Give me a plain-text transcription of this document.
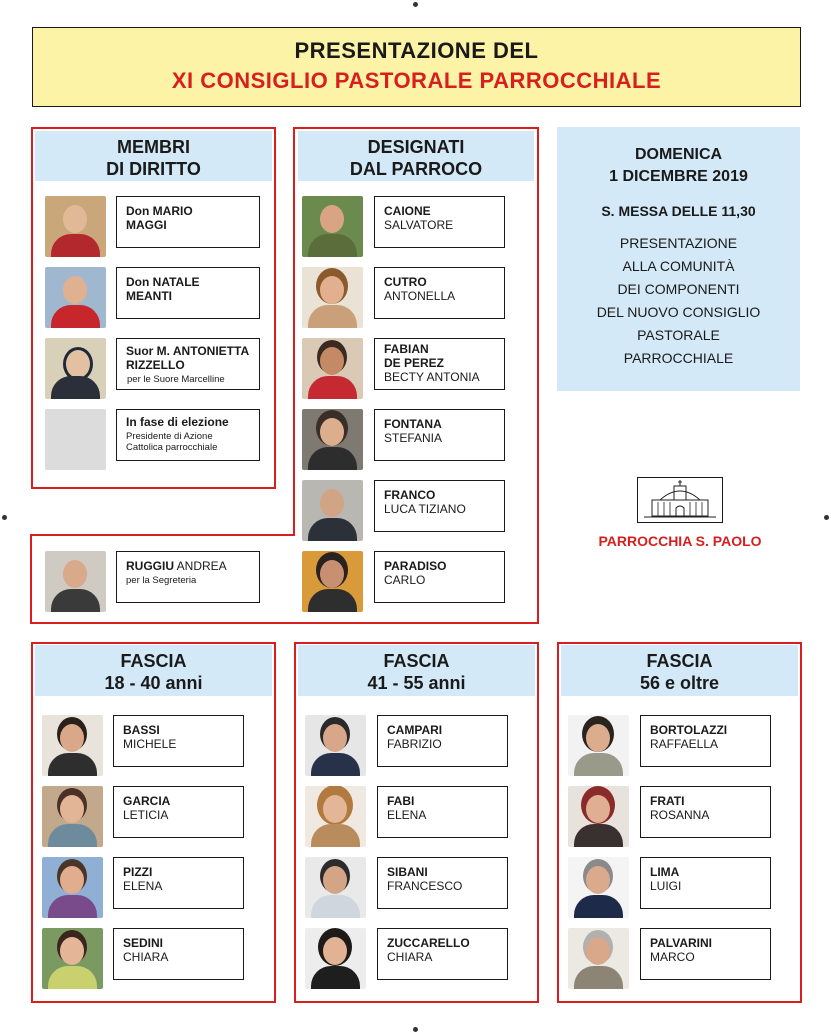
PRESENTAZIONE DEL
XI CONSIGLIO PASTORALE PARROCCHIALE
MEMBRI
DI DIRITTO
Don MARIO
MAGGI
Don NATALE
MEANTI
Suor M. ANTONIETTA
RIZZELLO
per le Suore Marcelline
In fase di elezione
Presidente di Azione
Cattolica parrocchiale
DESIGNATI
DAL PARROCO
CAIONE
SALVATORE
CUTRO
ANTONELLA
FABIAN
DE PEREZ
BECTY ANTONIA
FONTANA
STEFANIA
FRANCO
LUCA TIZIANO
PARADISO
CARLO
RUGGIU ANDREA
per la Segreteria
DOMENICA
1 DICEMBRE 2019
S. MESSA DELLE 11,30
PRESENTAZIONE
ALLA COMUNITÀ
DEI COMPONENTI
DEL NUOVO CONSIGLIO
PASTORALE
PARROCCHIALE
PARROCCHIA S. PAOLO
FASCIA
18 - 40 anni
BASSI
MICHELE
GARCIA
LETICIA
PIZZI
ELENA
SEDINI
CHIARA
FASCIA
41 - 55 anni
CAMPARI
FABRIZIO
FABI
ELENA
SIBANI
FRANCESCO
ZUCCARELLO
CHIARA
FASCIA
56 e oltre
BORTOLAZZI
RAFFAELLA
FRATI
ROSANNA
LIMA
LUIGI
PALVARINI
MARCO
